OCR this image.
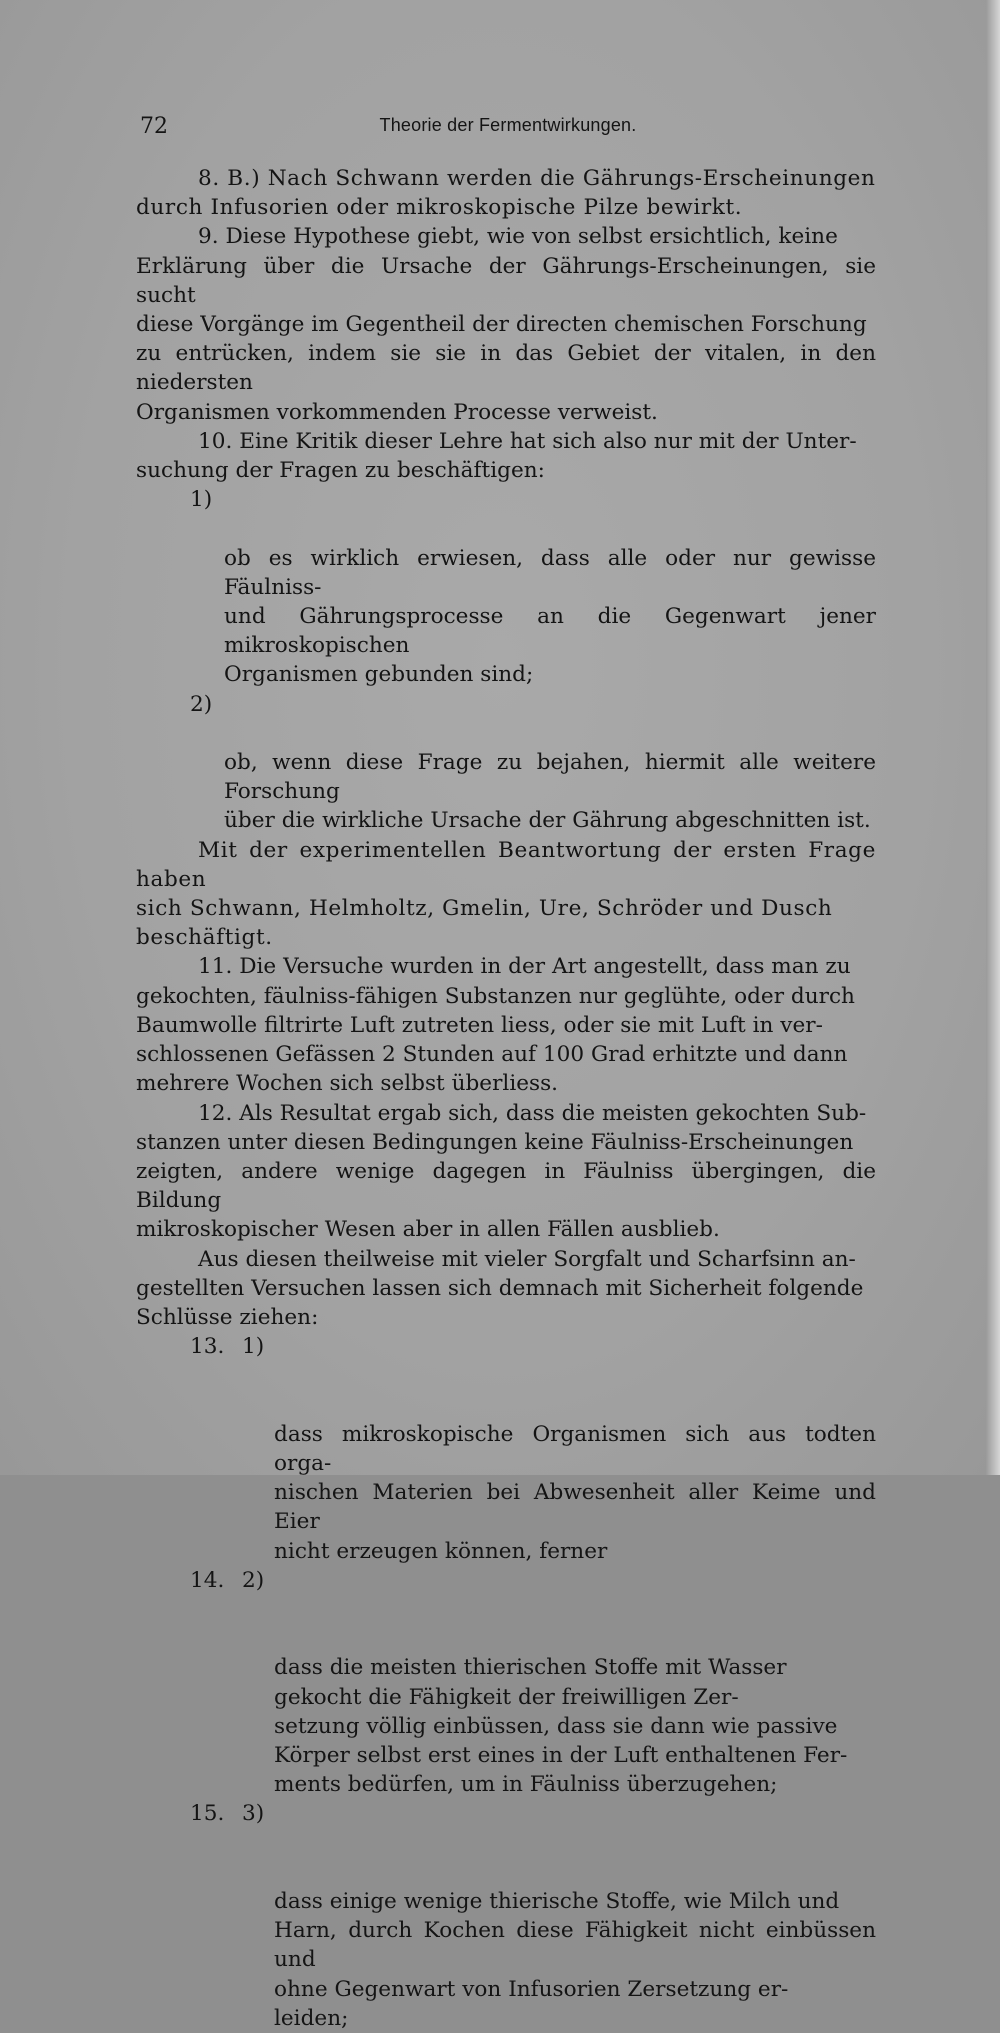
72	Theorie der Fermentwirkungen.

8. B.) Nach Schwann werden die Gährungs-Erscheinungen
durch Infusorien oder mikroskopische Pilze bewirkt.

9. Diese Hypothese giebt, wie von selbst ersichtlich, keine
Erklärung über die Ursache der Gährungs-Erscheinungen, sie sucht
diese Vorgänge im Gegentheil der directen chemischen Forschung
zu entrücken, indem sie sie in das Gebiet der vitalen, in den niedersten
Organismen vorkommenden Processe verweist.

10. Eine Kritik dieser Lehre hat sich also nur mit der Unter-
suchung der Fragen zu beschäftigen:

1)

ob es wirklich erwiesen, dass alle oder nur gewisse Fäulniss-
und Gährungsprocesse an die Gegenwart jener mikroskopischen
Organismen gebunden sind;

2)

ob, wenn diese Frage zu bejahen, hiermit alle weitere Forschung
über die wirkliche Ursache der Gährung abgeschnitten ist.

Mit der experimentellen Beantwortung der ersten Frage haben
sich Schwann, Helmholtz, Gmelin, Ure, Schröder und Dusch
beschäftigt.

11. Die Versuche wurden in der Art angestellt, dass man zu
gekochten, fäulniss-fähigen Substanzen nur geglühte, oder durch
Baumwolle filtrirte Luft zutreten liess, oder sie mit Luft in ver-
schlossenen Gefässen 2 Stunden auf 100 Grad erhitzte und dann
mehrere Wochen sich selbst überliess.

12. Als Resultat ergab sich, dass die meisten gekochten Sub-
stanzen unter diesen Bedingungen keine Fäulniss-Erscheinungen
zeigten, andere wenige dagegen in Fäulniss übergingen, die Bildung
mikroskopischer Wesen aber in allen Fällen ausblieb.

Aus diesen theilweise mit vieler Sorgfalt und Scharfsinn an-
gestellten Versuchen lassen sich demnach mit Sicherheit folgende
Schlüsse ziehen:

13. 1)

dass mikroskopische Organismen sich aus todten orga-
nischen Materien bei Abwesenheit aller Keime und Eier
nicht erzeugen können, ferner

14. 2)

dass die meisten thierischen Stoffe mit Wasser
gekocht die Fähigkeit der freiwilligen Zer-
setzung völlig einbüssen, dass sie dann wie passive
Körper selbst erst eines in der Luft enthaltenen Fer-
ments bedürfen, um in Fäulniss überzugehen;

15. 3)

dass einige wenige thierische Stoffe, wie Milch und
Harn, durch Kochen diese Fähigkeit nicht einbüssen und
ohne Gegenwart von Infusorien Zersetzung er-
leiden;
